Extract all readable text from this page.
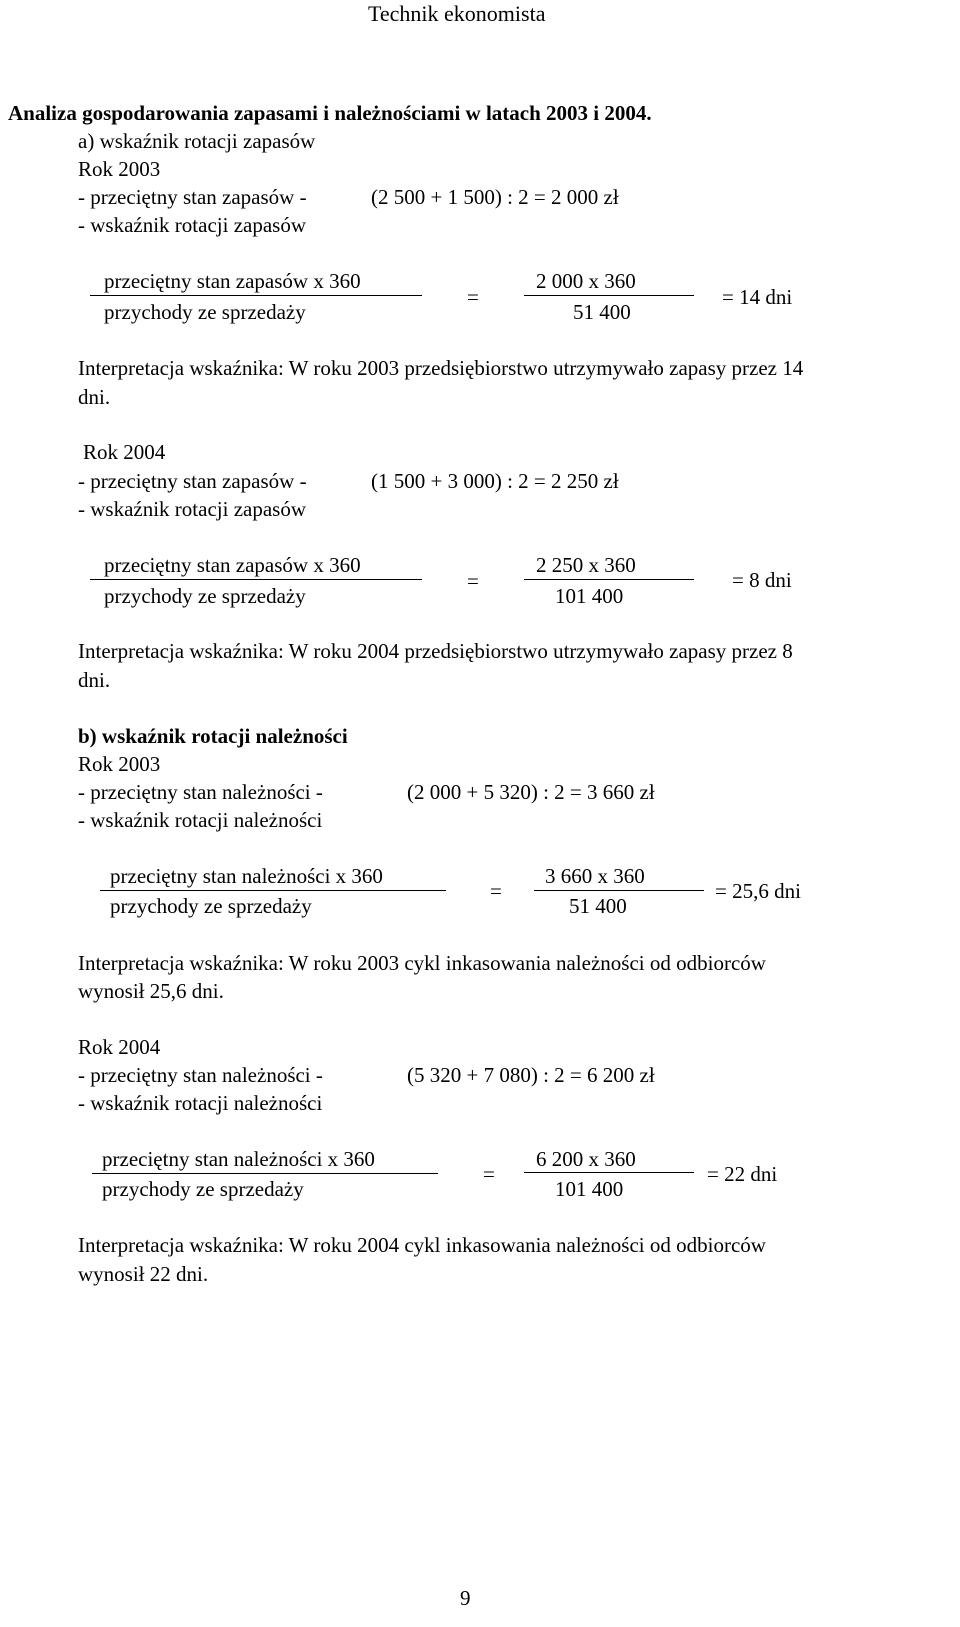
Technik ekonomista
Analiza gospodarowania zapasami i należnościami w latach 2003 i 2004.
a) wskaźnik rotacji zapasów
Rok 2003
- przeciętny stan zapasów -	(2 500 + 1 500) : 2 = 2 000 zł
- wskaźnik rotacji zapasów
przeciętny stan zapasów x 360
przychody ze sprzedaży
=
2 000 x 360
51 400
= 14 dni
Interpretacja wskaźnika: W roku 2003 przedsiębiorstwo utrzymywało zapasy przez 14
dni.
Rok 2004
- przeciętny stan zapasów -	(1 500 + 3 000) : 2 = 2 250 zł
- wskaźnik rotacji zapasów
przeciętny stan zapasów x 360
przychody ze sprzedaży
=
2 250 x 360
101 400
= 8 dni
Interpretacja wskaźnika: W roku 2004 przedsiębiorstwo utrzymywało zapasy przez 8
dni.
b) wskaźnik rotacji należności
Rok 2003
- przeciętny stan należności -	(2 000 + 5 320) : 2 = 3 660 zł
- wskaźnik rotacji należności
przeciętny stan należności x 360
przychody ze sprzedaży
=
3 660 x 360
51 400
= 25,6 dni
Interpretacja wskaźnika: W roku 2003 cykl inkasowania należności od odbiorców
wynosił 25,6 dni.
Rok 2004
- przeciętny stan należności -	(5 320 + 7 080) : 2 = 6 200 zł
- wskaźnik rotacji należności
przeciętny stan należności x 360
przychody ze sprzedaży
=
6 200 x 360
101 400
= 22 dni
Interpretacja wskaźnika: W roku 2004 cykl inkasowania należności od odbiorców
wynosił 22 dni.
9
